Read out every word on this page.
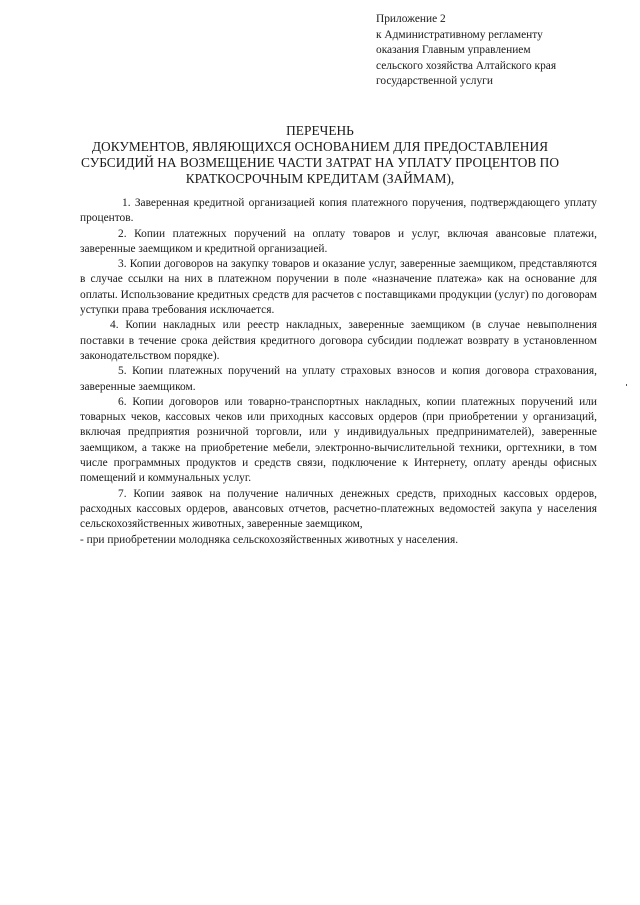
Приложение 2
к Административному регламенту
оказания Главным управлением
сельского хозяйства Алтайского края
государственной услуги
ПЕРЕЧЕНЬ
ДОКУМЕНТОВ, ЯВЛЯЮЩИХСЯ ОСНОВАНИЕМ ДЛЯ ПРЕДОСТАВЛЕНИЯ
СУБСИДИЙ НА ВОЗМЕЩЕНИЕ ЧАСТИ ЗАТРАТ НА УПЛАТУ ПРОЦЕНТОВ ПО
КРАТКОСРОЧНЫМ КРЕДИТАМ (ЗАЙМАМ),

1. Заверенная кредитной организацией копия платежного поручения, подтверждающего уплату процентов.

2. Копии платежных поручений на оплату товаров и услуг, включая авансовые платежи, заверенные заемщиком и кредитной организацией.

3. Копии договоров на закупку товаров и оказание услуг, заверенные заемщиком, представляются в случае ссылки на них в платежном поручении в поле «назначение платежа» как на основание для оплаты. Использование кредитных средств для расчетов с поставщиками продукции (услуг) по договорам уступки права требования исключается.

4. Копии накладных или реестр накладных, заверенные заемщиком (в случае невыполнения поставки в течение срока действия кредитного договора субсидии подлежат возврату в установленном законодательством порядке).

5. Копии платежных поручений на уплату страховых взносов и копия договора страхования, заверенные заемщиком.

6. Копии договоров или товарно-транспортных накладных, копии платежных поручений или товарных чеков, кассовых чеков или приходных кассовых ордеров (при приобретении у организаций, включая предприятия розничной торговли, или у индивидуальных предпринимателей), заверенные заемщиком, а также на приобретение мебели, электронно-вычислительной техники, оргтехники, в том числе программных продуктов и средств связи, подключение к Интернету, оплату аренды офисных помещений и коммунальных услуг.

7. Копии заявок на получение наличных денежных средств, приходных кассовых ордеров, расходных кассовых ордеров, авансовых отчетов, расчетно-платежных ведомостей закупа у населения сельскохозяйственных животных, заверенные заемщиком,

- при приобретении молодняка сельскохозяйственных животных у населения.
